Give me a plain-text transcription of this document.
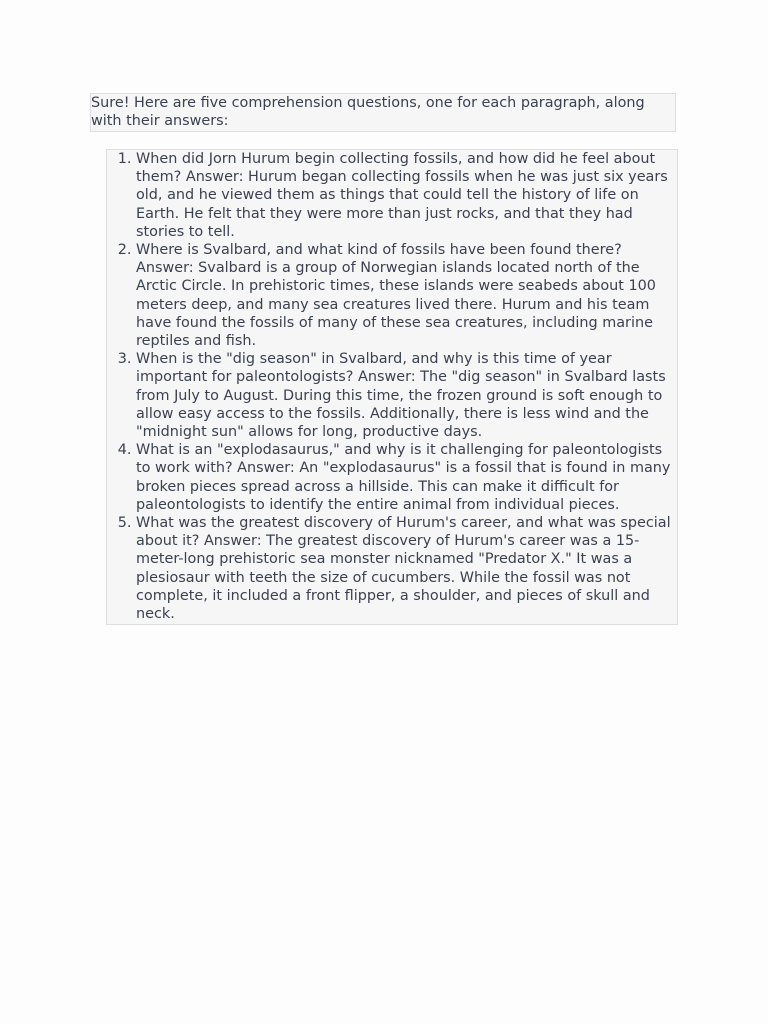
Sure! Here are five comprehension questions, one for each paragraph, along with their answers:
1. When did Jorn Hurum begin collecting fossils, and how did he feel about them? Answer: Hurum began collecting fossils when he was just six years old, and he viewed them as things that could tell the history of life on Earth. He felt that they were more than just rocks, and that they had stories to tell.
2. Where is Svalbard, and what kind of fossils have been found there? Answer: Svalbard is a group of Norwegian islands located north of the Arctic Circle. In prehistoric times, these islands were seabeds about 100 meters deep, and many sea creatures lived there. Hurum and his team have found the fossils of many of these sea creatures, including marine reptiles and fish.
3. When is the "dig season" in Svalbard, and why is this time of year important for paleontologists? Answer: The "dig season" in Svalbard lasts from July to August. During this time, the frozen ground is soft enough to allow easy access to the fossils. Additionally, there is less wind and the "midnight sun" allows for long, productive days.
4. What is an "explodasaurus," and why is it challenging for paleontologists to work with? Answer: An "explodasaurus" is a fossil that is found in many broken pieces spread across a hillside. This can make it difficult for paleontologists to identify the entire animal from individual pieces.
5. What was the greatest discovery of Hurum's career, and what was special about it? Answer: The greatest discovery of Hurum's career was a 15-meter-long prehistoric sea monster nicknamed "Predator X." It was a plesiosaur with teeth the size of cucumbers. While the fossil was not complete, it included a front flipper, a shoulder, and pieces of skull and neck.
